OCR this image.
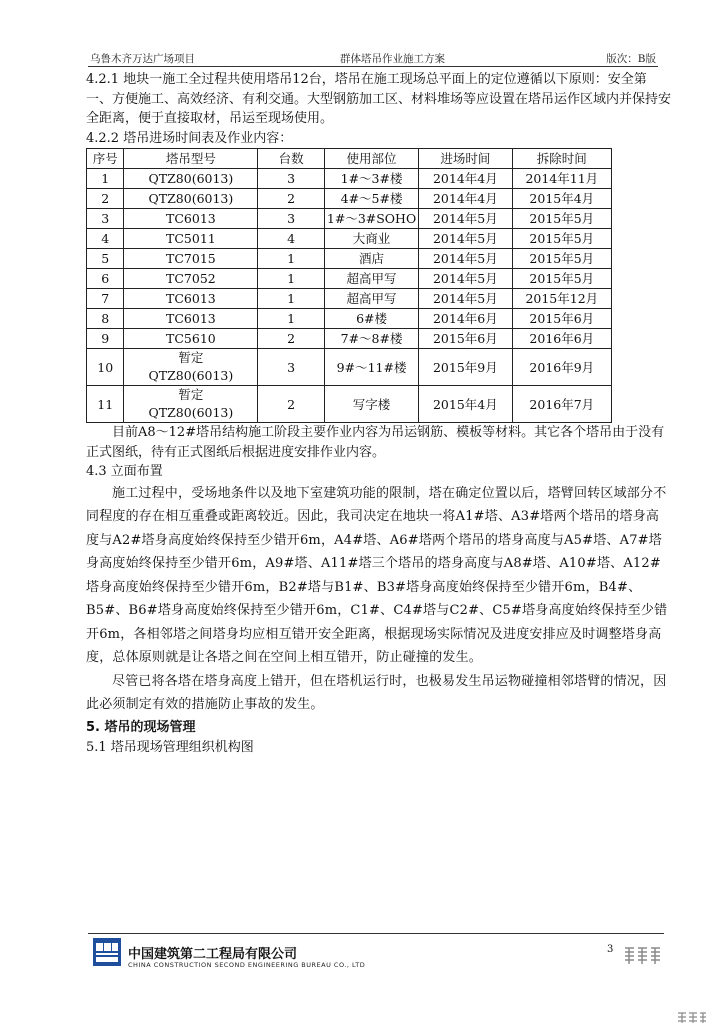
乌鲁木齐万达广场项目	群体塔吊作业施工方案	版次：B版

4.2.1 地块一施工全过程共使用塔吊12台，塔吊在施工现场总平面上的定位遵循以下原则：安全第一、方便施工、高效经济、有利交通。大型钢筋加工区、材料堆场等应设置在塔吊运作区域内并保持安全距离，便于直接取材，吊运至现场使用。

4.2.2 塔吊进场时间表及作业内容：

序号	塔吊型号	台数	使用部位	进场时间	拆除时间
1	QTZ80(6013)	3	1#～3#楼	2014年4月	2014年11月
2	QTZ80(6013)	2	4#～5#楼	2014年4月	2015年4月
3	TC6013	3	1#～3#SOHO	2014年5月	2015年5月
4	TC5011	4	大商业	2014年5月	2015年5月
5	TC7015	1	酒店	2014年5月	2015年5月
6	TC7052	1	超高甲写	2014年5月	2015年5月
7	TC6013	1	超高甲写	2014年5月	2015年12月
8	TC6013	1	6#楼	2014年6月	2015年6月
9	TC5610	2	7#～8#楼	2015年6月	2016年6月
10	暂定
QTZ80(6013)	3	9#～11#楼	2015年9月	2016年9月
11	暂定
QTZ80(6013)	2	写字楼	2015年4月	2016年7月

目前A8～12#塔吊结构施工阶段主要作业内容为吊运钢筋、模板等材料。其它各个塔吊由于没有正式图纸，待有正式图纸后根据进度安排作业内容。

4.3 立面布置

施工过程中，受场地条件以及地下室建筑功能的限制，塔在确定位置以后，塔臂回转区域部分不同程度的存在相互重叠或距离较近。因此，我司决定在地块一将A1#塔、A3#塔两个塔吊的塔身高度与A2#塔身高度始终保持至少错开6m，A4#塔、A6#塔两个塔吊的塔身高度与A5#塔、A7#塔身高度始终保持至少错开6m，A9#塔、A11#塔三个塔吊的塔身高度与A8#塔、A10#塔、A12#塔身高度始终保持至少错开6m，B2#塔与B1#、B3#塔身高度始终保持至少错开6m，B4#、B5#、B6#塔身高度始终保持至少错开6m，C1#、C4#塔与C2#、C5#塔身高度始终保持至少错开6m，各相邻塔之间塔身均应相互错开安全距离，根据现场实际情况及进度安排应及时调整塔身高度，总体原则就是让各塔之间在空间上相互错开，防止碰撞的发生。

尽管已将各塔在塔身高度上错开，但在塔机运行时，也极易发生吊运物碰撞相邻塔臂的情况，因此必须制定有效的措施防止事故的发生。

5. 塔吊的现场管理

5.1 塔吊现场管理组织机构图

中国建筑第二工程局有限公司
CHINA CONSTRUCTION SECOND ENGINEERING BUREAU CO., LTD
3
